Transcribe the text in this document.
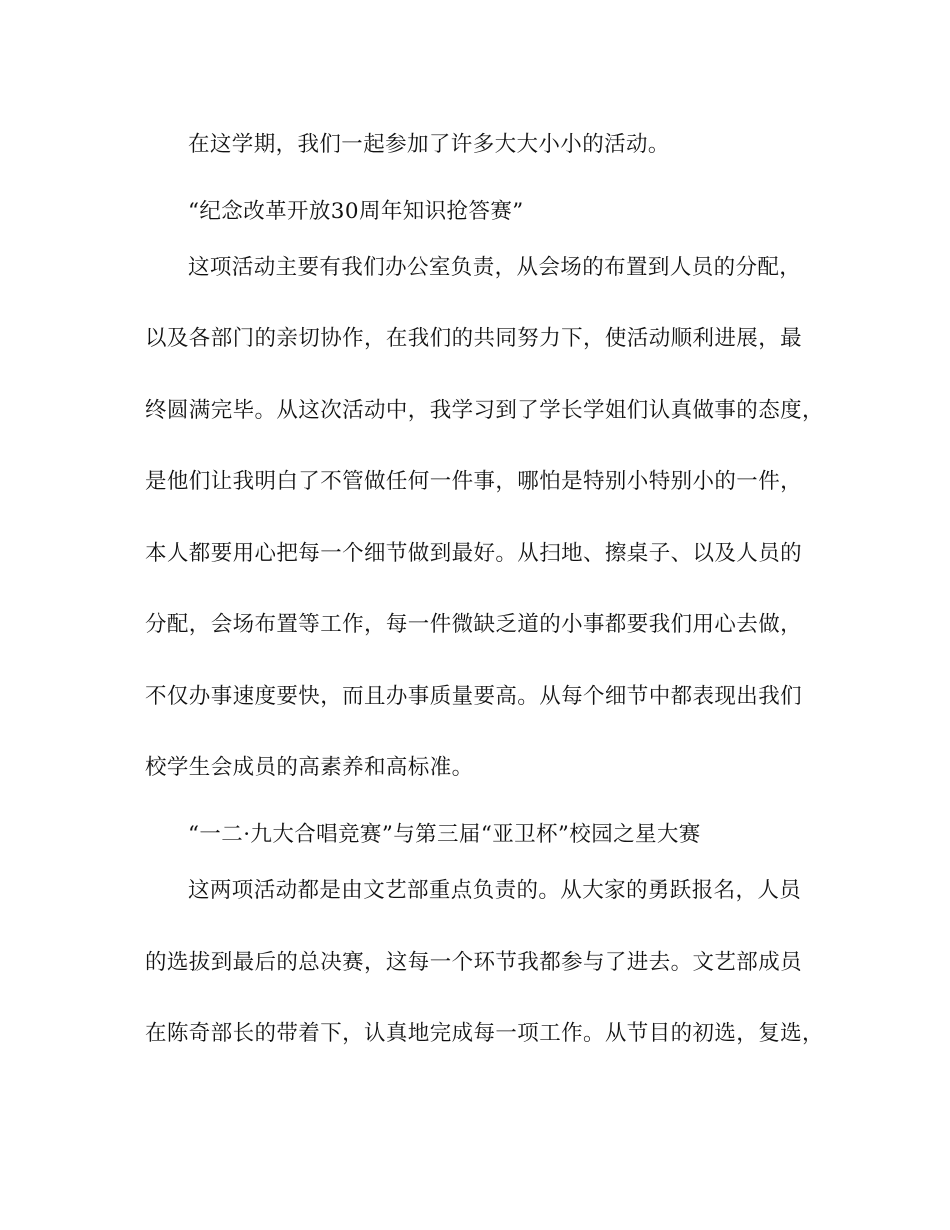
在这学期，我们一起参加了许多大大小小的活动。
“纪念改革开放30周年知识抢答赛”
这项活动主要有我们办公室负责，从会场的布置到人员的分配，
以及各部门的亲切协作，在我们的共同努力下，使活动顺利进展，最
终圆满完毕。从这次活动中，我学习到了学长学姐们认真做事的态度，
是他们让我明白了不管做任何一件事，哪怕是特别小特别小的一件，
本人都要用心把每一个细节做到最好。从扫地、擦桌子、以及人员的
分配，会场布置等工作，每一件微缺乏道的小事都要我们用心去做，
不仅办事速度要快，而且办事质量要高。从每个细节中都表现出我们
校学生会成员的高素养和高标准。
“一二·九大合唱竞赛”与第三届“亚卫杯”校园之星大赛
这两项活动都是由文艺部重点负责的。从大家的勇跃报名，人员
的选拔到最后的总决赛，这每一个环节我都参与了进去。文艺部成员
在陈奇部长的带着下，认真地完成每一项工作。从节目的初选，复选，
